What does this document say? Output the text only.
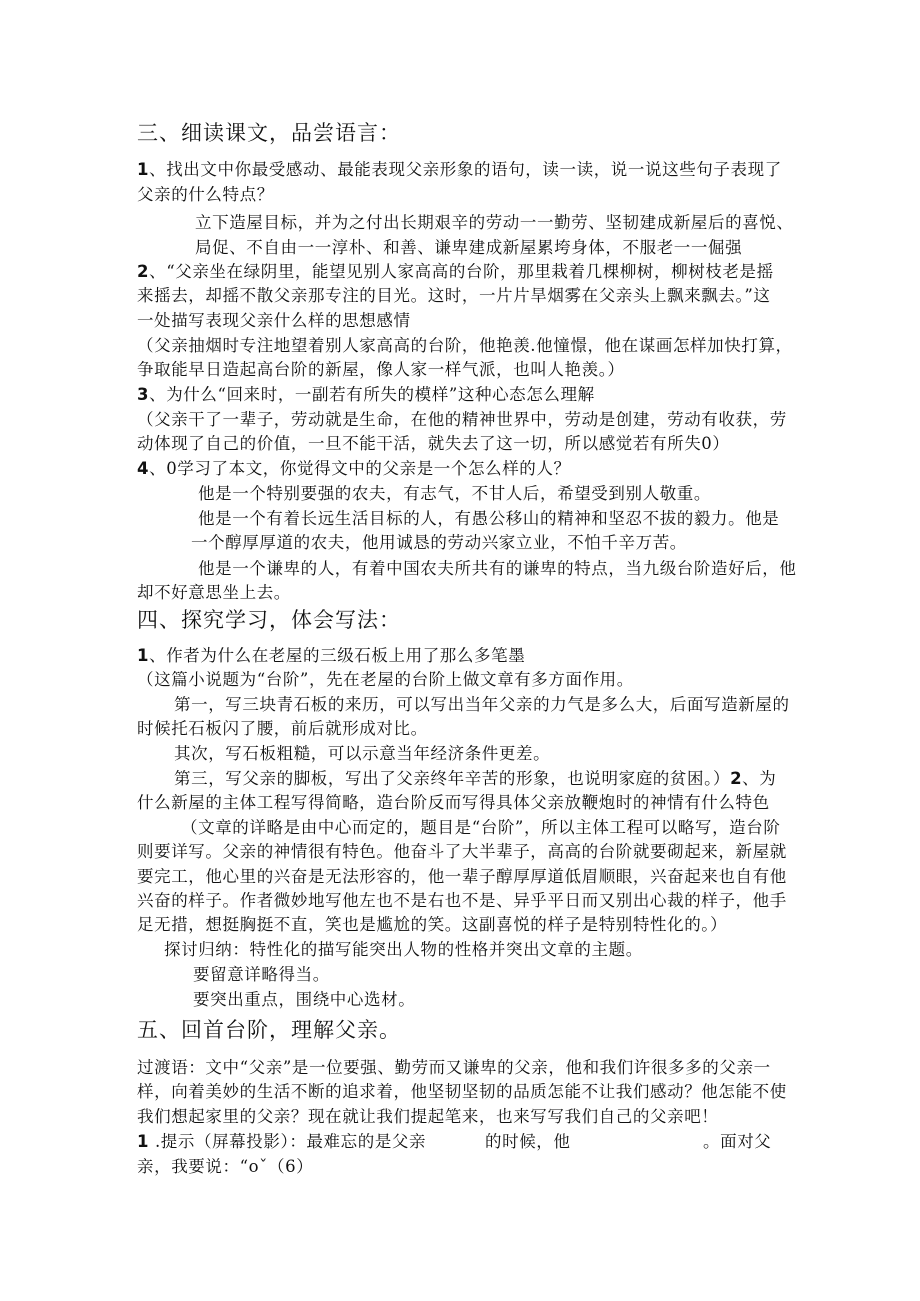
三、细读课文，品尝语言：
1、找出文中你最受感动、最能表现父亲形象的语句，读一读，说一说这些句子表现了
父亲的什么特点？
立下造屋目标，并为之付出长期艰辛的劳动一一勤劳、坚韧建成新屋后的喜悦、
局促、不自由一一淳朴、和善、谦卑建成新屋累垮身体，不服老一一倔强
2、“父亲坐在绿阴里，能望见别人家高高的台阶，那里栽着几棵柳树，柳树枝老是摇
来摇去，却摇不散父亲那专注的目光。这时，一片片旱烟雾在父亲头上飘来飘去。”这
一处描写表现父亲什么样的思想感情
（父亲抽烟时专注地望着别人家高高的台阶，他艳羡.他憧憬，他在谋画怎样加快打算，
争取能早日造起高台阶的新屋，像人家一样气派，也叫人艳羡。）
3、为什么“回来时，一副若有所失的模样”这种心态怎么理解
（父亲干了一辈子，劳动就是生命，在他的精神世界中，劳动是创建，劳动有收获，劳
动体现了自己的价值，一旦不能干活，就失去了这一切，所以感觉若有所失0）
4、0学习了本文，你觉得文中的父亲是一个怎么样的人？
他是一个特别要强的农夫，有志气，不甘人后，希望受到别人敬重。
他是一个有着长远生活目标的人，有愚公移山的精神和坚忍不拔的毅力。他是
一个醇厚厚道的农夫，他用诚恳的劳动兴家立业，不怕千辛万苦。
他是一个谦卑的人，有着中国农夫所共有的谦卑的特点，当九级台阶造好后，他
却不好意思坐上去。
四、探究学习，体会写法：
1、作者为什么在老屋的三级石板上用了那么多笔墨
（这篇小说题为“台阶”，先在老屋的台阶上做文章有多方面作用。
第一，写三块青石板的来历，可以写出当年父亲的力气是多么大，后面写造新屋的
时候托石板闪了腰，前后就形成对比。
其次，写石板粗糙，可以示意当年经济条件更差。
第三，写父亲的脚板，写出了父亲终年辛苦的形象，也说明家庭的贫困。）2、为
什么新屋的主体工程写得简略，造台阶反而写得具体父亲放鞭炮时的神情有什么特色
（文章的详略是由中心而定的，题目是“台阶”，所以主体工程可以略写，造台阶
则要详写。父亲的神情很有特色。他奋斗了大半辈子，高高的台阶就要砌起来，新屋就
要完工，他心里的兴奋是无法形容的，他一辈子醇厚厚道低眉顺眼，兴奋起来也自有他
兴奋的样子。作者微妙地写他左也不是右也不是、异乎平日而又别出心裁的样子，他手
足无措，想挺胸挺不直，笑也是尴尬的笑。这副喜悦的样子是特别特性化的。）
探讨归纳：特性化的描写能突出人物的性格并突出文章的主题。
要留意详略得当。
要突出重点，围绕中心选材。
五、回首台阶，理解父亲。
过渡语：文中“父亲”是一位要强、勤劳而又谦卑的父亲，他和我们许很多多的父亲一
样，向着美妙的生活不断的追求着，他坚韧坚韧的品质怎能不让我们感动？他怎能不使
我们想起家里的父亲？现在就让我们提起笔来，也来写写我们自己的父亲吧！
1 .提示（屏幕投影）：最难忘的是父亲	的时候，他	。面对父
亲，我要说：“oˇ（6）
